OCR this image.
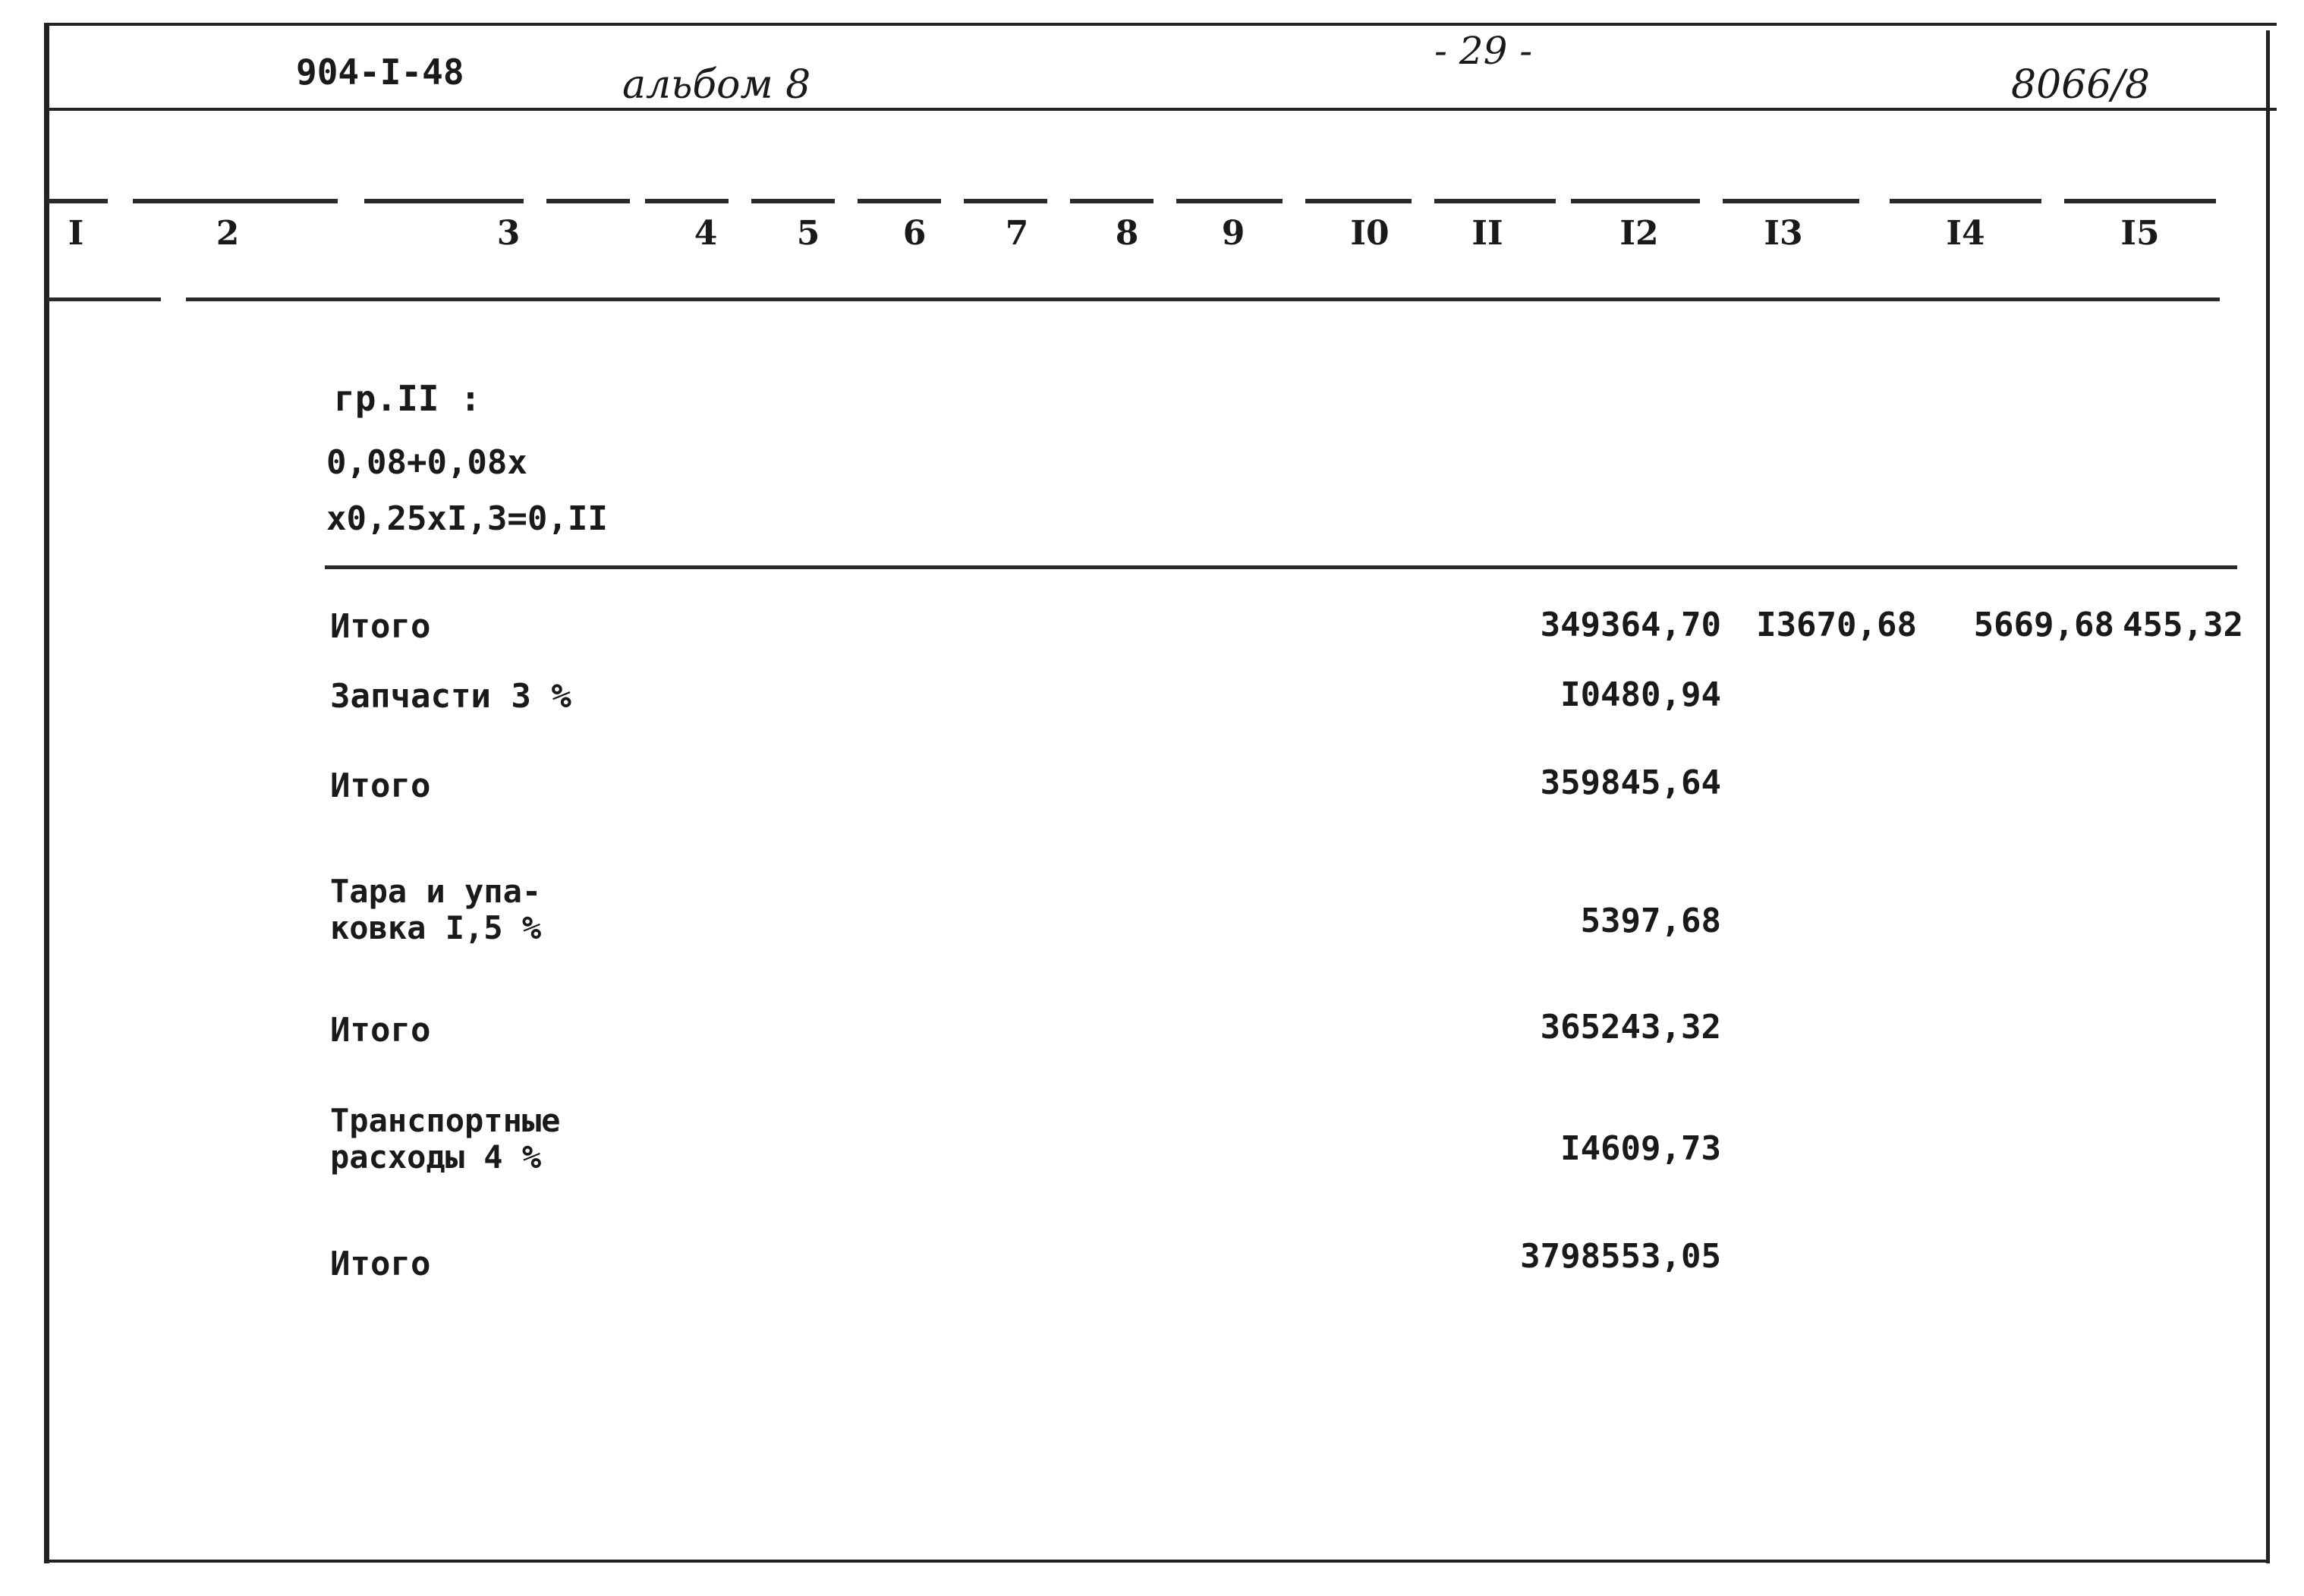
904-I-48	альбом 8
- 29 -
8066/8
I	2	3	4	5	6	7	8	9	I0	II	I2	I3	I4	I5
гр.II :
0,08+0,08x
x0,25xI,3=0,II
Итого	349364,70 I3670,68 5669,68 455,32
Запчасти 3 %	I0480,94
Итого	359845,64
Тара и упа-
ковка I,5 %	5397,68
Итого	365243,32
Транспортные
расходы 4 %	I4609,73
Итого	3798553,05
